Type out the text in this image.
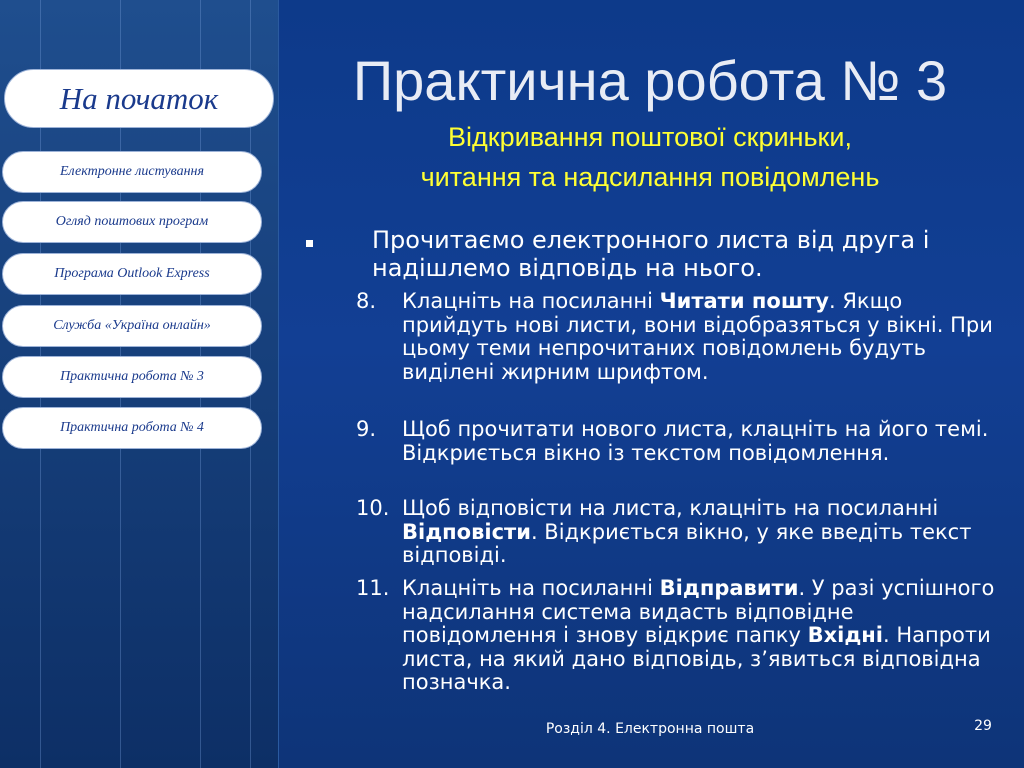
На початок
Електронне листування
Огляд поштових програм
Програма Outlook Express
Служба «Україна онлайн»
Практична робота № 3
Практична робота № 4
Практична робота № 3
Відкривання поштової скриньки,
читання та надсилання повідомлень
Прочитаємо електронного листа від друга і надішлемо відповідь на нього.
8. Клацніть на посиланні Читати пошту. Якщо прийдуть нові листи, вони відобразяться у вікні. При цьому теми непрочитаних повідомлень будуть виділені жирним шрифтом.
9. Щоб прочитати нового листа, клацніть на його темі. Відкриється вікно із текстом повідомлення.
10. Щоб відповісти на листа, клацніть на посиланні Відповісти. Відкриється вікно, у яке введіть текст відповіді.
11. Клацніть на посиланні Відправити. У разі успішного надсилання система видасть відповідне повідомлення і знову відкриє папку Вхідні. Напроти листа, на який дано відповідь, з’явиться відповідна позначка.
Розділ 4. Електронна пошта	29
